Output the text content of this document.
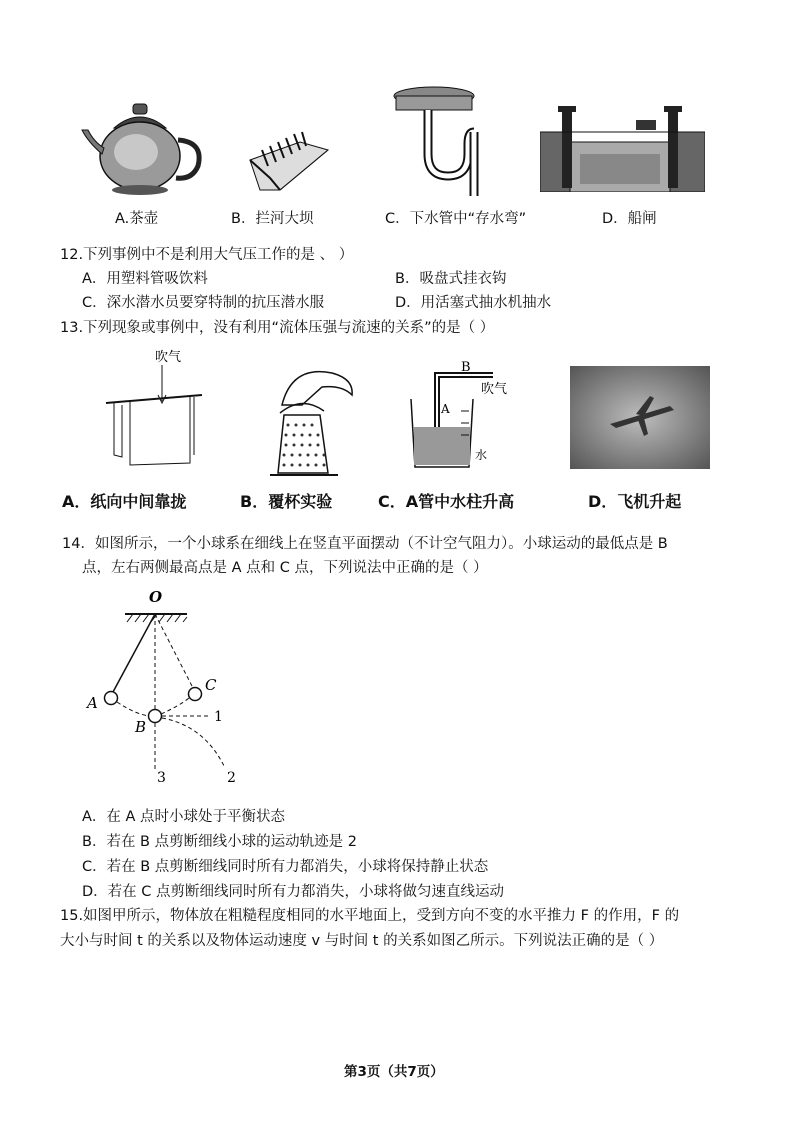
A.茶壶	B．拦河大坝	C．下水管中“存水弯”	D．船闸
12.下列事例中不是利用大气压工作的是 、 ）
A．用塑料管吸饮料	B．吸盘式挂衣钩
C．深水潜水员要穿特制的抗压潜水服	D．用活塞式抽水机抽水
13.下列现象或事例中，没有利用“流体压强与流速的关系”的是（ ）
吹气
B
吹气
A
水
A．纸向中间靠拢	B．覆杯实验	C．A管中水柱升高	D．飞机升起
14．如图所示，一个小球系在细线上在竖直平面摆动（不计空气阻力）。小球运动的最低点是 B
点，左右两侧最高点是 A 点和 C 点，下列说法中正确的是（ ）
O
A
B
C
1
2
3
A．在 A 点时小球处于平衡状态
B．若在 B 点剪断细线小球的运动轨迹是 2
C．若在 B 点剪断细线同时所有力都消失，小球将保持静止状态
D．若在 C 点剪断细线同时所有力都消失，小球将做匀速直线运动
15.如图甲所示，物体放在粗糙程度相同的水平地面上，受到方向不变的水平推力 F 的作用，F 的
大小与时间 t 的关系以及物体运动速度 v 与时间 t 的关系如图乙所示。下列说法正确的是（ ）
第3页（共7页）
